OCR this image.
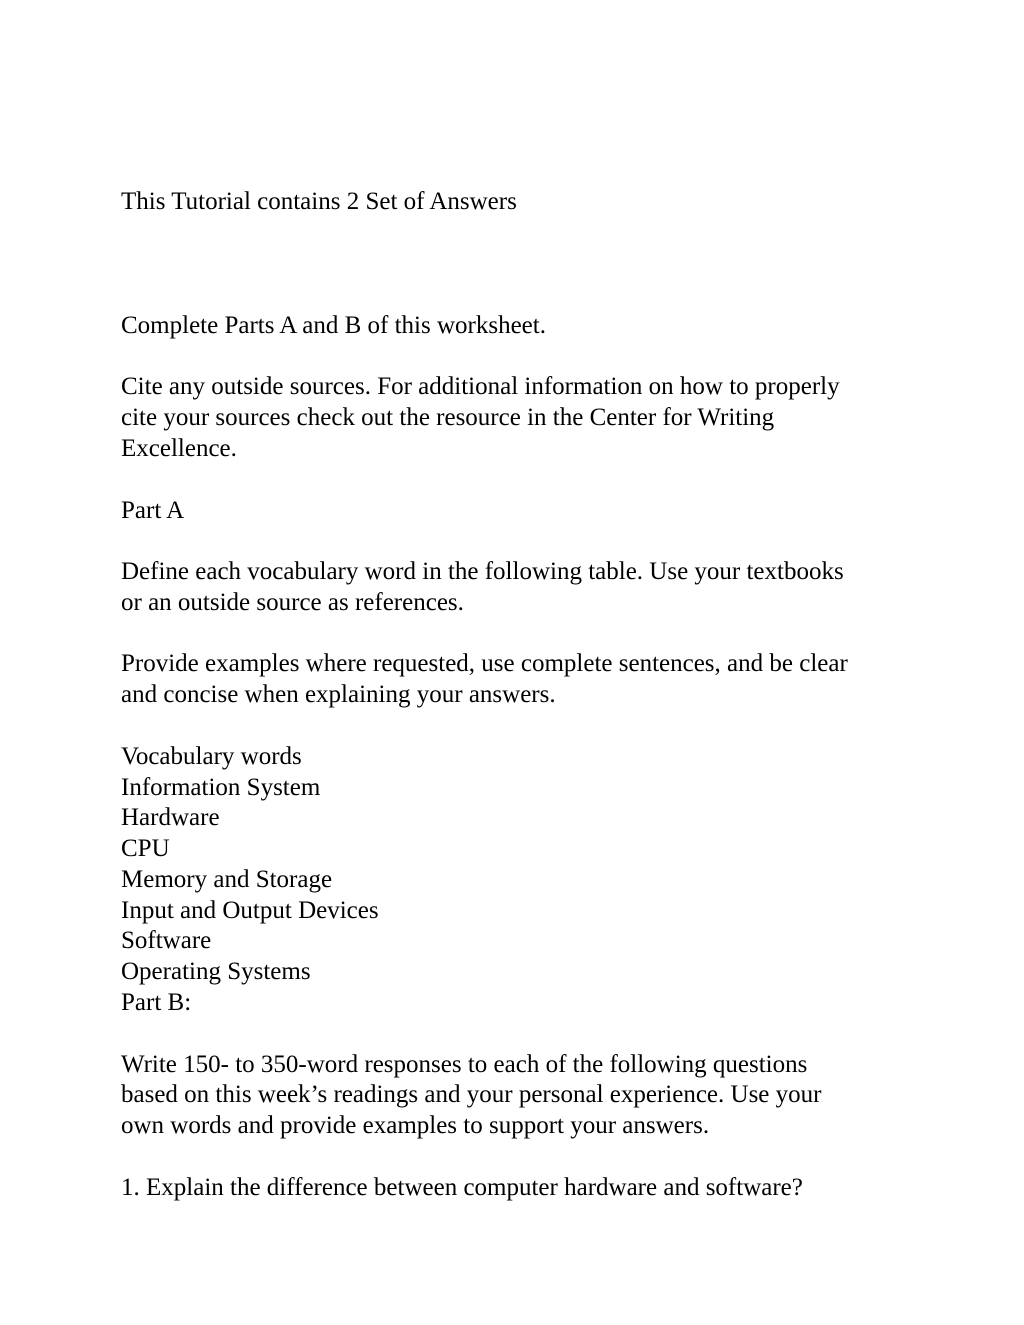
This Tutorial contains 2 Set of Answers
Complete Parts A and B of this worksheet.
Cite any outside sources. For additional information on how to properly
cite your sources check out the resource in the Center for Writing
Excellence.
Part A
Define each vocabulary word in the following table. Use your textbooks
or an outside source as references.
Provide examples where requested, use complete sentences, and be clear
and concise when explaining your answers.
Vocabulary words
Information System
Hardware
CPU
Memory and Storage
Input and Output Devices
Software
Operating Systems
Part B:
Write 150- to 350-word responses to each of the following questions
based on this week’s readings and your personal experience. Use your
own words and provide examples to support your answers.
1. Explain the difference between computer hardware and software?
